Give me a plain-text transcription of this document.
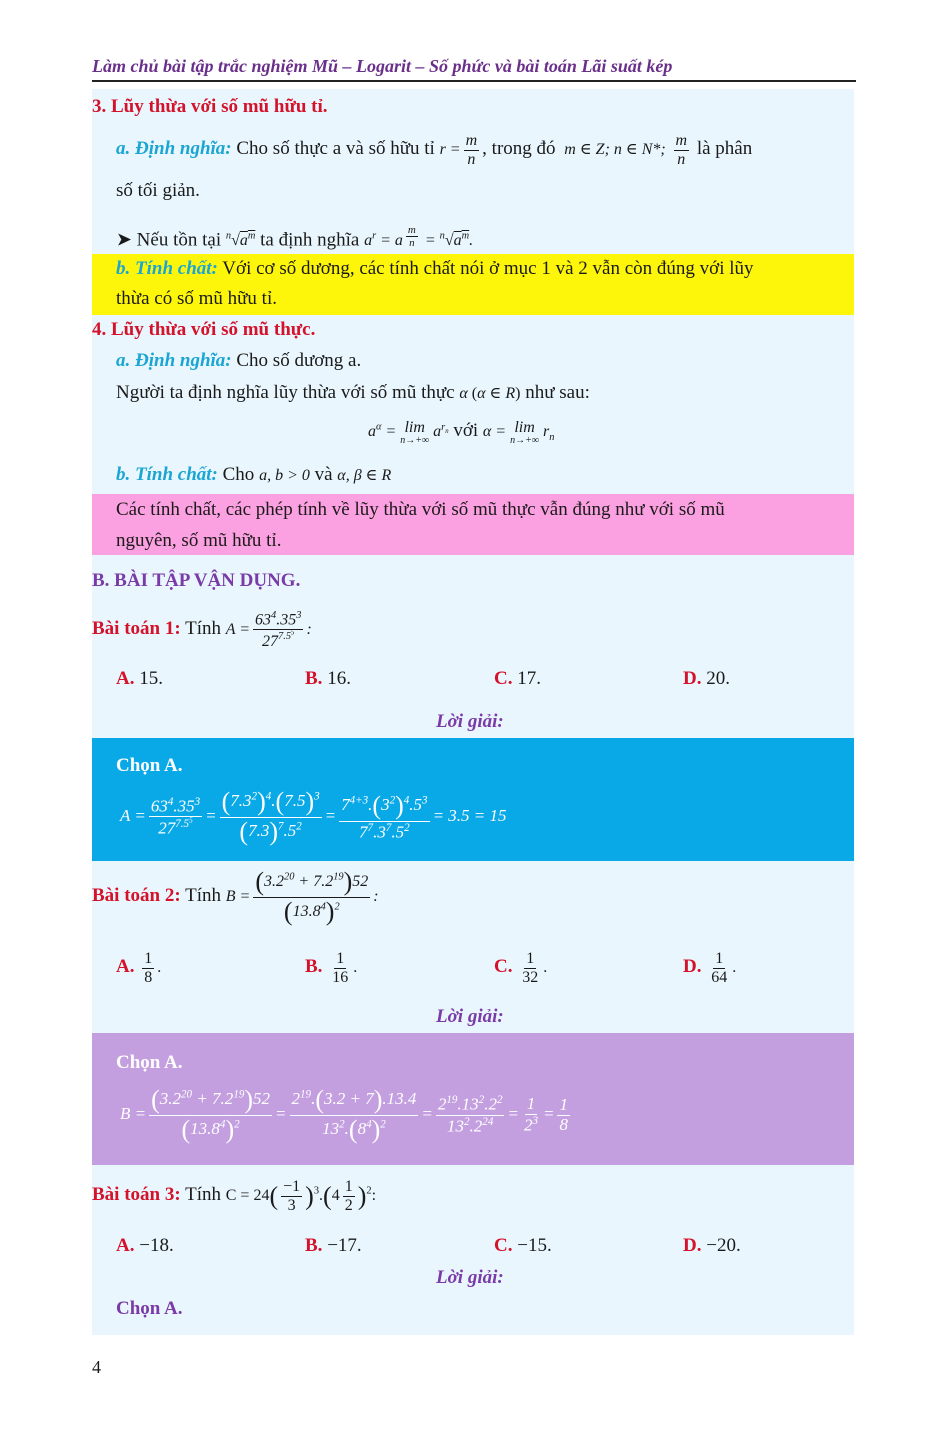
Làm chủ bài tập trắc nghiệm Mũ – Logarit – Số phức và bài toán Lãi suất kép
3. Lũy thừa với số mũ hữu tỉ.
a. Định nghĩa: Cho số thực a và số hữu tỉ $r = \frac{m}{n}$ , trong đó  m ∈ Z; n ∈ N*; $\frac{m}{n}$ là phân
số tối giản.
➤ Nếu tồn tại $^n√a^m$ ta định nghĩa $a^r = a$ $^{\frac{m}{n}} = ^n√a^m$.
b. Tính chất: Với cơ số dương, các tính chất nói ở mục 1 và 2 vẫn còn đúng với lũy
thừa có số mũ hữu tỉ.
4. Lũy thừa với số mũ thực.
a. Định nghĩa: Cho số dương a.
Người ta định nghĩa lũy thừa với số mũ thực α (α ∈ R) như sau:
$a^\alpha = \lim$
n→+∞
$a^{r_n}$ với α = lim
n→+∞
$r_n$
b. Tính chất: Cho a, b > 0 và α, β ∈ R
Các tính chất, các phép tính về lũy thừa với số mũ thực vẫn đúng như với số mũ
nguyên, số mũ hữu tỉ.
B. BÀI TẬP VẬN DỤNG.
Bài toán 1: Tính $A = \frac{63^4.35^3}{27^{7.5^5}}$ :
A. 15.	B. 16.	C. 17.	D. 20.
Lời giải:
Chọn A.
$A = \frac{63^4.35^3}{27^{7.5^5}} = \frac{(7.3^2)^4.(7.5)^3}{(7.3)^7.5^2} = \frac{7^{4+3}.(3^2)^4.5^3}{7^7.3^7.5^2} = 3.5 = 15$
Bài toán 2: Tính $B = \frac{(3.2^{20} + 7.2^{19})52}{(13.8^4)^2}$ :
A. $\frac{1}{8}$ .	B. $\frac{1}{16}$ .	C. $\frac{1}{32}$ .	D. $\frac{1}{64}$ .
Lời giải:
Chọn A.
$B = \frac{(3.2^{20} + 7.2^{19})52}{(13.8^4)^2} = \frac{2^{19}.(3.2 + 7).13.4}{13^2.(8^4)^2} = \frac{2^{19}.13^2.2^2}{13^2.2^{24}} = \frac{1}{2^3} = \frac{1}{8}$
Bài toán 3: Tính $C = 24( \frac{-1}{3} )^3.(4 \frac{1}{2} )^2$:
A. −18.	B. −17.	C. −15.	D. −20.
Lời giải:
Chọn A.
4
